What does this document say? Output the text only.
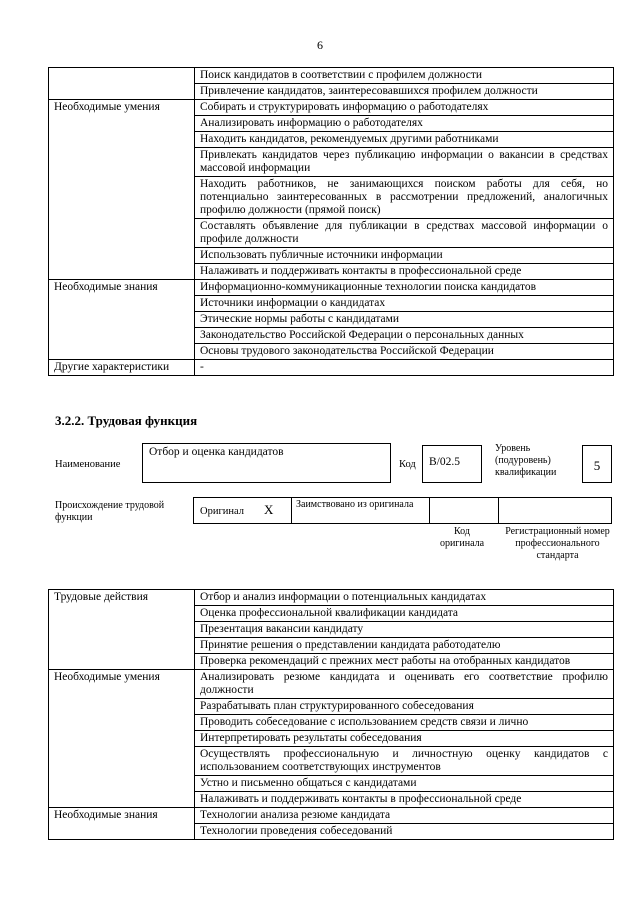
6
	Поиск кандидатов в соответствии с профилем должности
	Привлечение кандидатов, заинтересовавшихся профилем должности
Необходимые умения	Собирать и структурировать информацию о работодателях
	Анализировать информацию о работодателях
	Находить кандидатов, рекомендуемых другими работниками
	Привлекать кандидатов через публикацию информации о вакансии в средствах массовой информации
	Находить работников, не занимающихся поиском работы для себя, но потенциально заинтересованных в рассмотрении предложений, аналогичных профилю должности (прямой поиск)
	Составлять объявление для публикации в средствах массовой информации о профиле должности
	Использовать публичные источники информации
	Налаживать и поддерживать контакты в профессиональной среде
Необходимые знания	Информационно-коммуникационные технологии поиска кандидатов
	Источники информации о кандидатах
	Этические нормы работы с кандидатами
	Законодательство Российской Федерации о персональных данных
	Основы трудового законодательства Российской Федерации
Другие характеристики	-
3.2.2. Трудовая функция
Наименование
Отбор и оценка кандидатов
Код	B/02.5
Уровень (подуровень) квалификации	5
Происхождение трудовой функции
Оригинал X Заимствовано из оригинала
Код оригинала
Регистрационный номер профессионального стандарта
Трудовые действия	Отбор и анализ информации о потенциальных кандидатах
	Оценка профессиональной квалификации кандидата
	Презентация вакансии кандидату
	Принятие решения о представлении кандидата работодателю
	Проверка рекомендаций с прежних мест работы на отобранных кандидатов
Необходимые умения	Анализировать резюме кандидата и оценивать его соответствие профилю должности
	Разрабатывать план структурированного собеседования
	Проводить собеседование с использованием средств связи и лично
	Интерпретировать результаты собеседования
	Осуществлять профессиональную и личностную оценку кандидатов с использованием соответствующих инструментов
	Устно и письменно общаться с кандидатами
	Налаживать и поддерживать контакты в профессиональной среде
Необходимые знания	Технологии анализа резюме кандидата
	Технологии проведения собеседований
